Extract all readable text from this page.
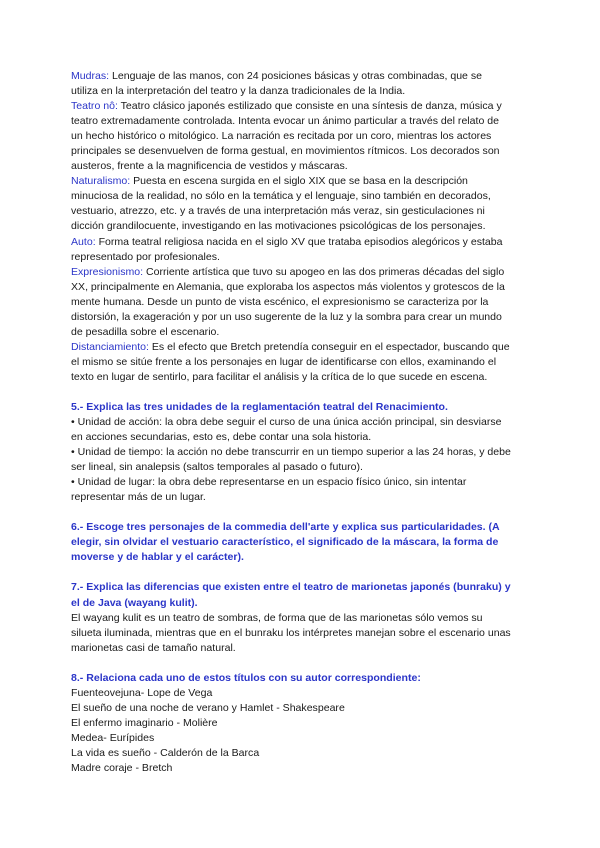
Mudras: Lenguaje de las manos, con 24 posiciones básicas y otras combinadas, que se utiliza en la interpretación del teatro y la danza tradicionales de la India.

Teatro nô: Teatro clásico japonés estilizado que consiste en una síntesis de danza, música y teatro extremadamente controlada. Intenta evocar un ánimo particular a través del relato de un hecho histórico o mitológico. La narración es recitada por un coro, mientras los actores principales se desenvuelven de forma gestual, en movimientos rítmicos. Los decorados son austeros, frente a la magnificencia de vestidos y máscaras.

Naturalismo: Puesta en escena surgida en el siglo XIX que se basa en la descripción minuciosa de la realidad, no sólo en la temática y el lenguaje, sino también en decorados, vestuario, atrezzo, etc. y a través de una interpretación más veraz, sin gesticulaciones ni dicción grandilocuente, investigando en las motivaciones psicológicas de los personajes.

Auto: Forma teatral religiosa nacida en el siglo XV que trataba episodios alegóricos y estaba representado por profesionales.

Expresionismo: Corriente artística que tuvo su apogeo en las dos primeras décadas del siglo XX, principalmente en Alemania, que exploraba los aspectos más violentos y grotescos de la mente humana. Desde un punto de vista escénico, el expresionismo se caracteriza por la distorsión, la exageración y por un uso sugerente de la luz y la sombra para crear un mundo de pesadilla sobre el escenario.

Distanciamiento: Es el efecto que Bretch pretendía conseguir en el espectador, buscando que el mismo se sitúe frente a los personajes en lugar de identificarse con ellos, examinando el texto en lugar de sentirlo, para facilitar el análisis y la crítica de lo que sucede en escena.

5.- Explica las tres unidades de la reglamentación teatral del Renacimiento.

• Unidad de acción: la obra debe seguir el curso de una única acción principal, sin desviarse en acciones secundarias, esto es, debe contar una sola historia.

• Unidad de tiempo: la acción no debe transcurrir en un tiempo superior a las 24 horas, y debe ser lineal, sin analepsis (saltos temporales al pasado o futuro).

• Unidad de lugar: la obra debe representarse en un espacio físico único, sin intentar representar más de un lugar.

6.- Escoge tres personajes de la commedia dell'arte y explica sus particularidades. (A elegir, sin olvidar el vestuario característico, el significado de la máscara, la forma de moverse y de hablar y el carácter).

7.- Explica las diferencias que existen entre el teatro de marionetas japonés (bunraku) y el de Java (wayang kulit).

El wayang kulit es un teatro de sombras, de forma que de las marionetas sólo vemos su silueta iluminada, mientras que en el bunraku los intérpretes manejan sobre el escenario unas marionetas casi de tamaño natural.

8.- Relaciona cada uno de estos títulos con su autor correspondiente:

Fuenteovejuna- Lope de Vega

El sueño de una noche de verano y Hamlet - Shakespeare

El enfermo imaginario - Molière

Medea- Eurípides

La vida es sueño - Calderón de la Barca

Madre coraje - Bretch
